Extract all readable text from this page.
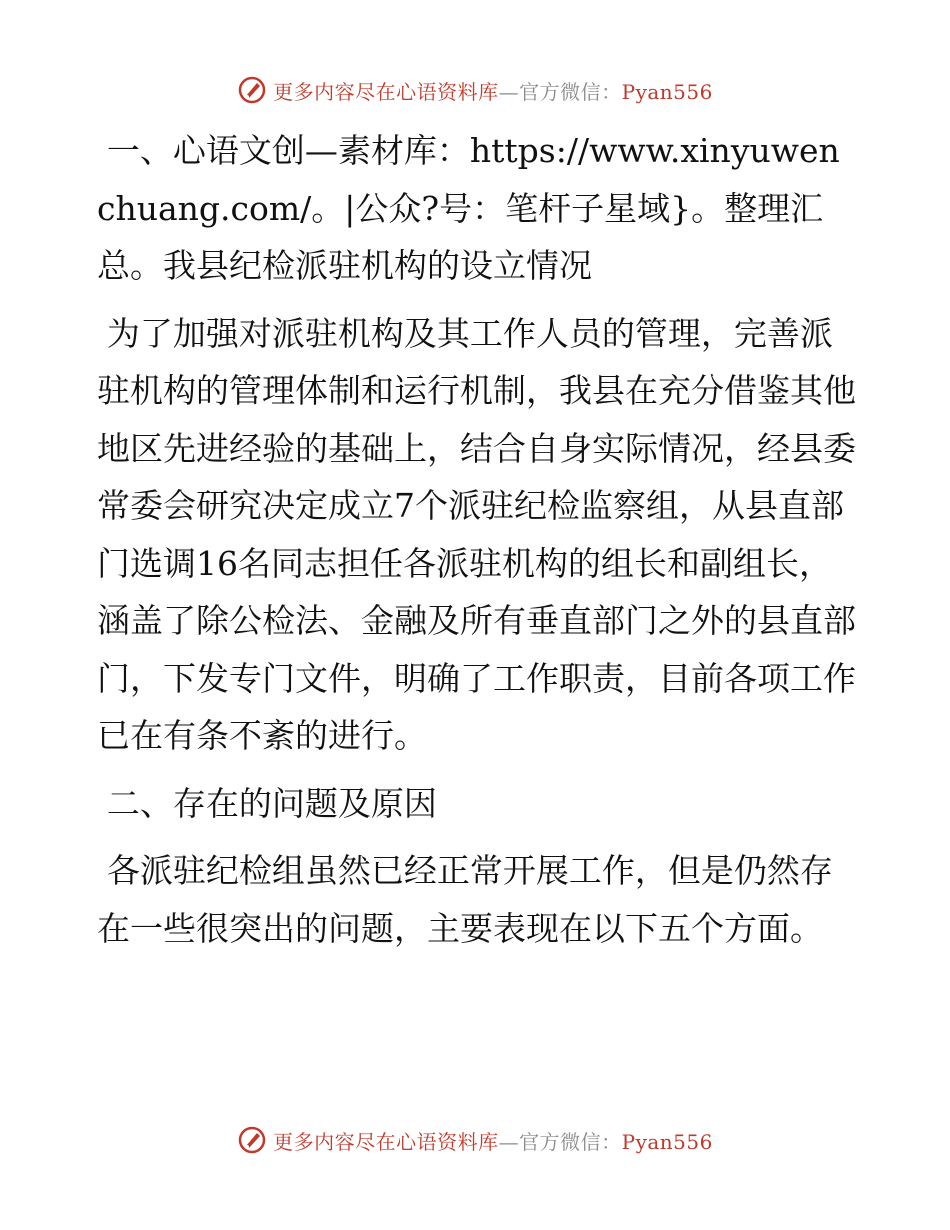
更多内容尽在心语资料库—官方微信：Pyan556

一、心语文创—素材库：https://www.xinyuwenchuang.com/。|公众?号：笔杆子星域}。整理汇总。我县纪检派驻机构的设立情况

为了加强对派驻机构及其工作人员的管理，完善派驻机构的管理体制和运行机制，我县在充分借鉴其他地区先进经验的基础上，结合自身实际情况，经县委常委会研究决定成立7个派驻纪检监察组，从县直部门选调16名同志担任各派驻机构的组长和副组长，涵盖了除公检法、金融及所有垂直部门之外的县直部门，下发专门文件，明确了工作职责，目前各项工作已在有条不紊的进行。

二、存在的问题及原因

各派驻纪检组虽然已经正常开展工作，但是仍然存在一些很突出的问题，主要表现在以下五个方面。

更多内容尽在心语资料库—官方微信：Pyan556
